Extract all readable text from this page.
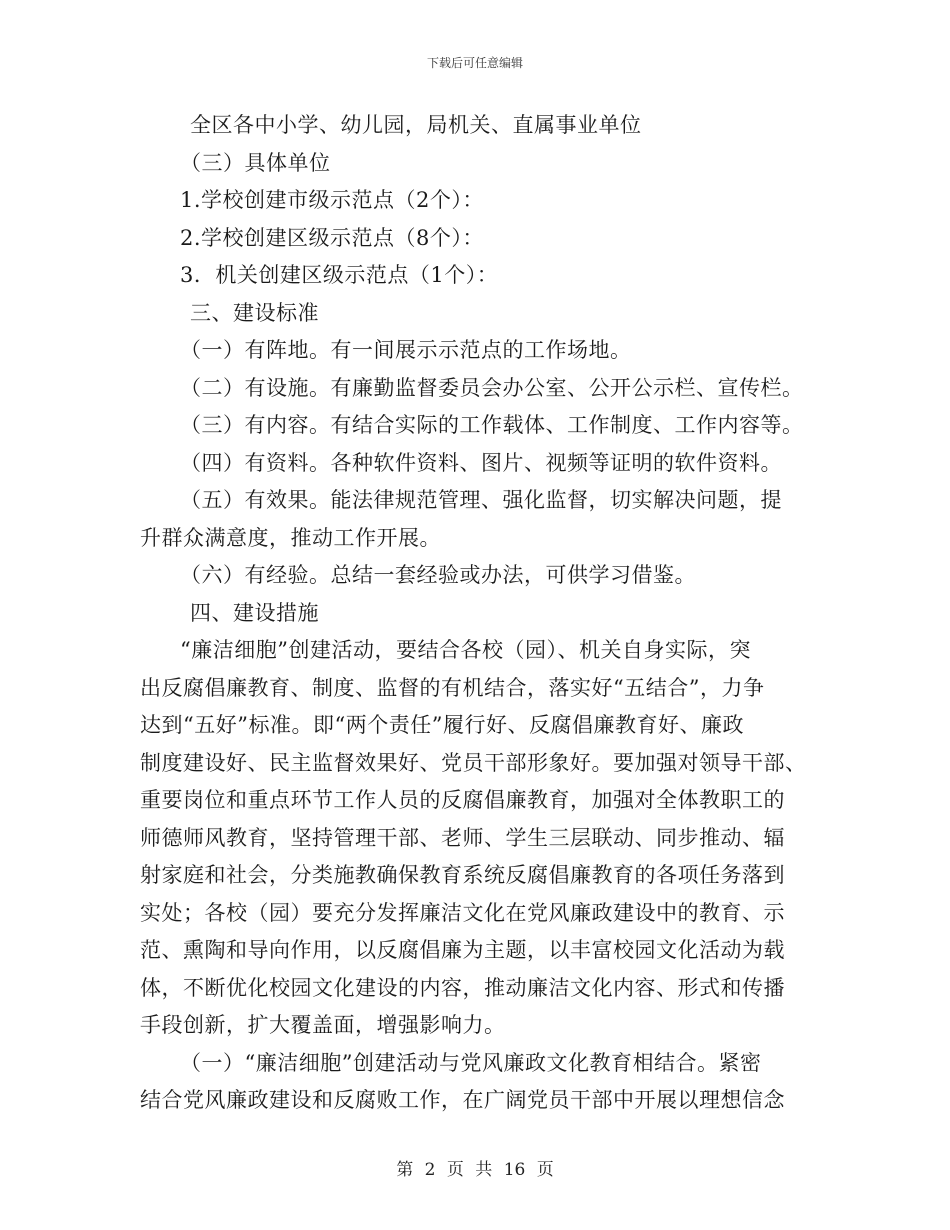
下载后可任意编辑
全区各中小学、幼儿园，局机关、直属事业单位
（三）具体单位
1.学校创建市级示范点（2个）：
2.学校创建区级示范点（8个）：
3．机关创建区级示范点（1个）：
三、建设标准
（一）有阵地。有一间展示示范点的工作场地。
（二）有设施。有廉勤监督委员会办公室、公开公示栏、宣传栏。
（三）有内容。有结合实际的工作载体、工作制度、工作内容等。
（四）有资料。各种软件资料、图片、视频等证明的软件资料。
（五）有效果。能法律规范管理、强化监督，切实解决问题，提
升群众满意度，推动工作开展。
（六）有经验。总结一套经验或办法，可供学习借鉴。
四、建设措施
“廉洁细胞”创建活动，要结合各校（园）、机关自身实际，突
出反腐倡廉教育、制度、监督的有机结合，落实好“五结合”，力争
达到“五好”标准。即“两个责任”履行好、反腐倡廉教育好、廉政
制度建设好、民主监督效果好、党员干部形象好。要加强对领导干部、
重要岗位和重点环节工作人员的反腐倡廉教育，加强对全体教职工的
师德师风教育，坚持管理干部、老师、学生三层联动、同步推动、辐
射家庭和社会，分类施教确保教育系统反腐倡廉教育的各项任务落到
实处；各校（园）要充分发挥廉洁文化在党风廉政建设中的教育、示
范、熏陶和导向作用，以反腐倡廉为主题，以丰富校园文化活动为载
体，不断优化校园文化建设的内容，推动廉洁文化内容、形式和传播
手段创新，扩大覆盖面，增强影响力。
（一）“廉洁细胞”创建活动与党风廉政文化教育相结合。紧密
结合党风廉政建设和反腐败工作，在广阔党员干部中开展以理想信念
第 2 页 共 16 页
